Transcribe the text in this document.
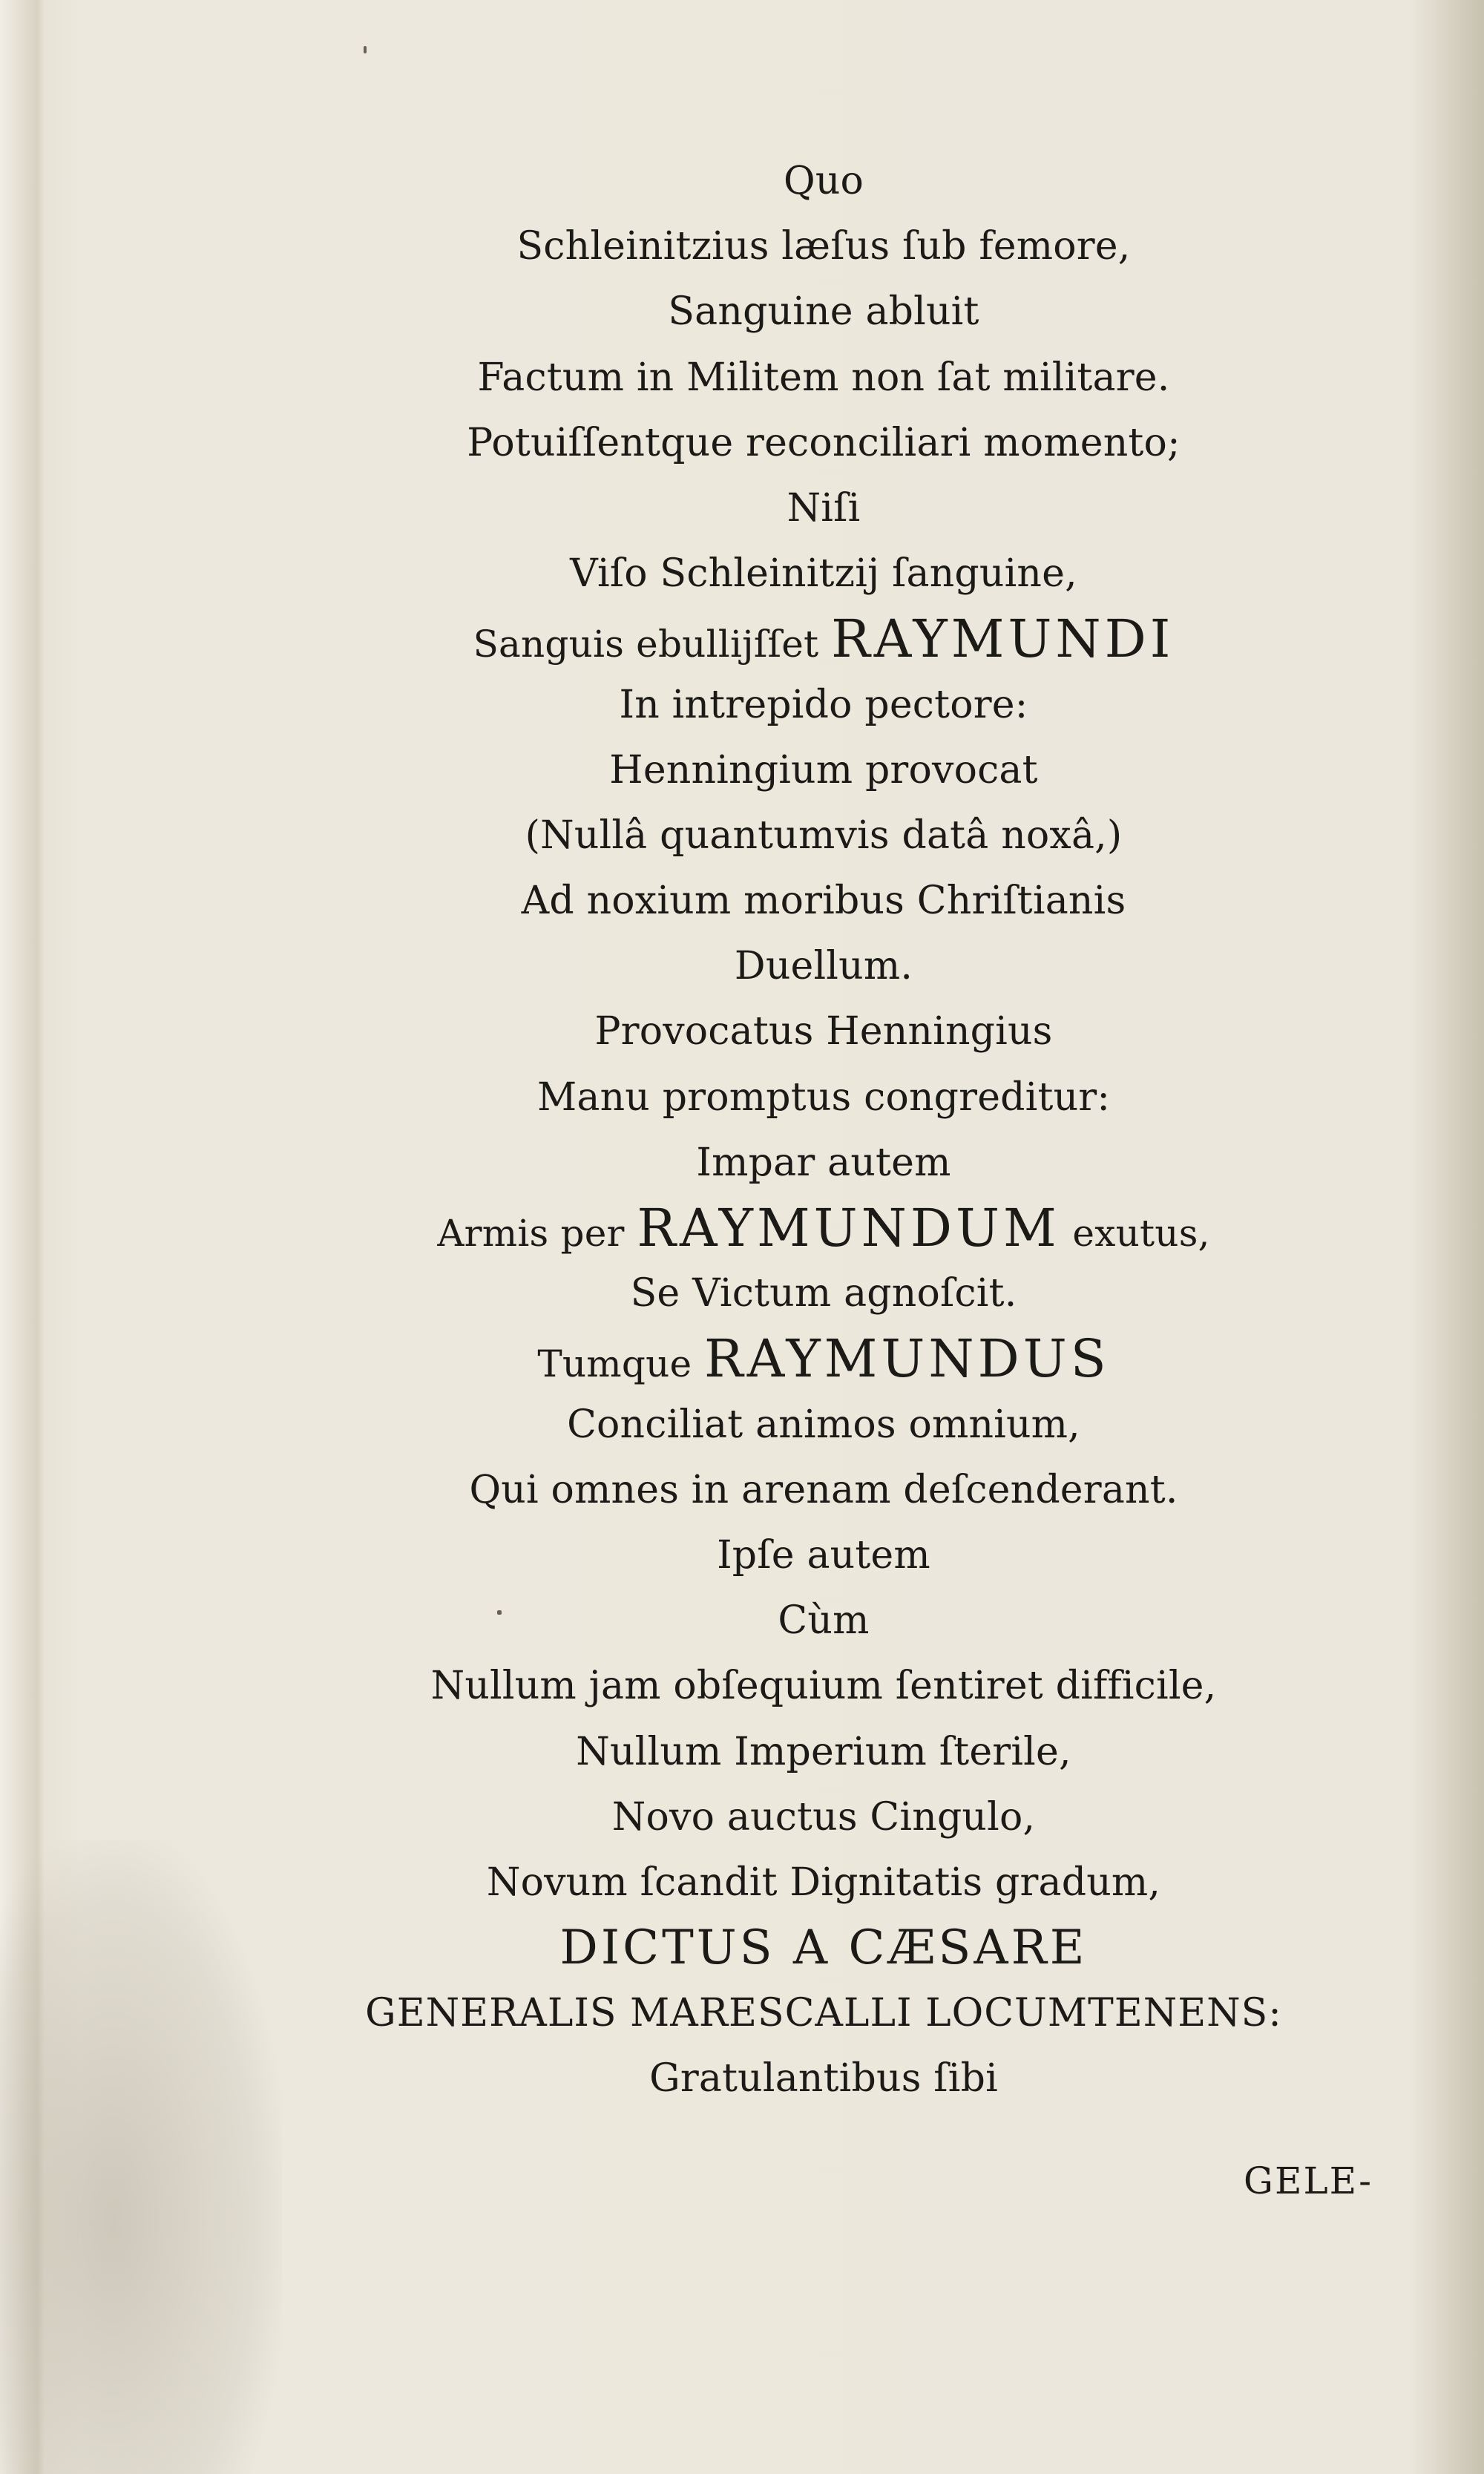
Quo
Schleinitzius læſus ſub femore,
Sanguine abluit
Factum in Militem non ſat militare.
Potuiſſentque reconciliari momento;
Niſi
Viſo Schleinitzij ſanguine,
Sanguis ebullijſſet RAYMUNDI
In intrepido pectore:
Henningium provocat
(Nullâ quantumvis datâ noxâ,)
Ad noxium moribus Chriſtianis
Duellum.
Provocatus Henningius
Manu promptus congreditur:
Impar autem
Armis per RAYMUNDUM exutus,
Se Victum agnoſcit.
Tumque RAYMUNDUS
Conciliat animos omnium,
Qui omnes in arenam deſcenderant.
Ipſe autem
Cùm
Nullum jam obſequium ſentiret difficile,
Nullum Imperium ſterile,
Novo auctus Cingulo,
Novum ſcandit Dignitatis gradum,
DICTUS A CÆSARE
GENERALIS MARESCALLI LOCUMTENENS:
Gratulantibus ſibi
GELE-
